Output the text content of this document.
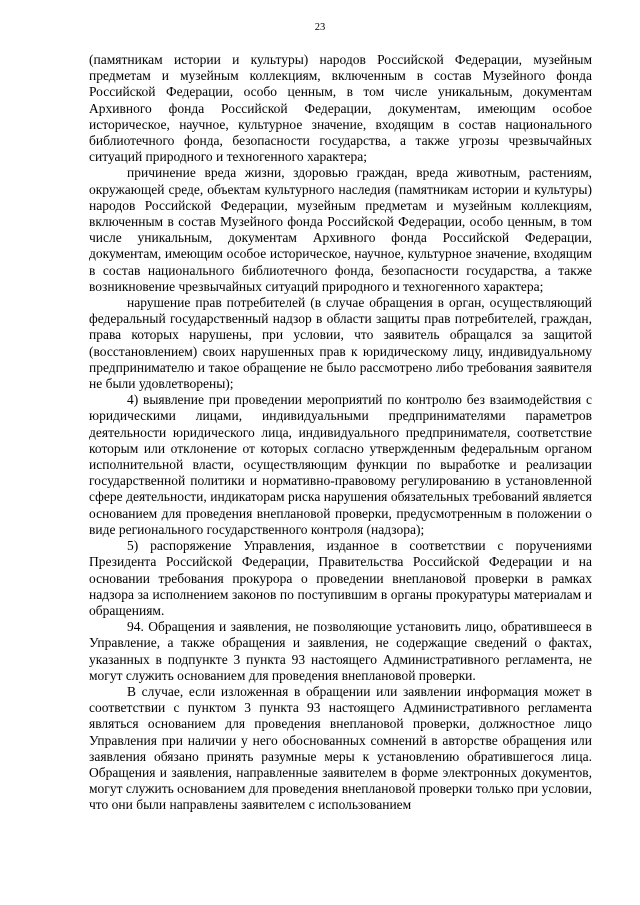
23

(памятникам истории и культуры) народов Российской Федерации, музейным предметам и музейным коллекциям, включенным в состав Музейного фонда Российской Федерации, особо ценным, в том числе уникальным, документам Архивного фонда Российской Федерации, документам, имеющим особое историческое, научное, культурное значение, входящим в состав национального библиотечного фонда, безопасности государства, а также угрозы чрезвычайных ситуаций природного и техногенного характера;

причинение вреда жизни, здоровью граждан, вреда животным, растениям, окружающей среде, объектам культурного наследия (памятникам истории и культуры) народов Российской Федерации, музейным предметам и музейным коллекциям, включенным в состав Музейного фонда Российской Федерации, особо ценным, в том числе уникальным, документам Архивного фонда Российской Федерации, документам, имеющим особое историческое, научное, культурное значение, входящим в состав национального библиотечного фонда, безопасности государства, а также возникновение чрезвычайных ситуаций природного и техногенного характера;

нарушение прав потребителей (в случае обращения в орган, осуществляющий федеральный государственный надзор в области защиты прав потребителей, граждан, права которых нарушены, при условии, что заявитель обращался за защитой (восстановлением) своих нарушенных прав к юридическому лицу, индивидуальному предпринимателю и такое обращение не было рассмотрено либо требования заявителя не были удовлетворены);

4) выявление при проведении мероприятий по контролю без взаимодействия с юридическими лицами, индивидуальными предпринимателями параметров деятельности юридического лица, индивидуального предпринимателя, соответствие которым или отклонение от которых согласно утвержденным федеральным органом исполнительной власти, осуществляющим функции по выработке и реализации государственной политики и нормативно-правовому регулированию в установленной сфере деятельности, индикаторам риска нарушения обязательных требований является основанием для проведения внеплановой проверки, предусмотренным в положении о виде регионального государственного контроля (надзора);

5) распоряжение Управления, изданное в соответствии с поручениями Президента Российской Федерации, Правительства Российской Федерации и на основании требования прокурора о проведении внеплановой проверки в рамках надзора за исполнением законов по поступившим в органы прокуратуры материалам и обращениям.

94. Обращения и заявления, не позволяющие установить лицо, обратившееся в Управление, а также обращения и заявления, не содержащие сведений о фактах, указанных в подпункте 3 пункта 93 настоящего Административного регламента, не могут служить основанием для проведения внеплановой проверки.

В случае, если изложенная в обращении или заявлении информация может в соответствии с пунктом 3 пункта 93 настоящего Административного регламента являться основанием для проведения внеплановой проверки, должностное лицо Управления при наличии у него обоснованных сомнений в авторстве обращения или заявления обязано принять разумные меры к установлению обратившегося лица. Обращения и заявления, направленные заявителем в форме электронных документов, могут служить основанием для проведения внеплановой проверки только при условии, что они были направлены заявителем с использованием
